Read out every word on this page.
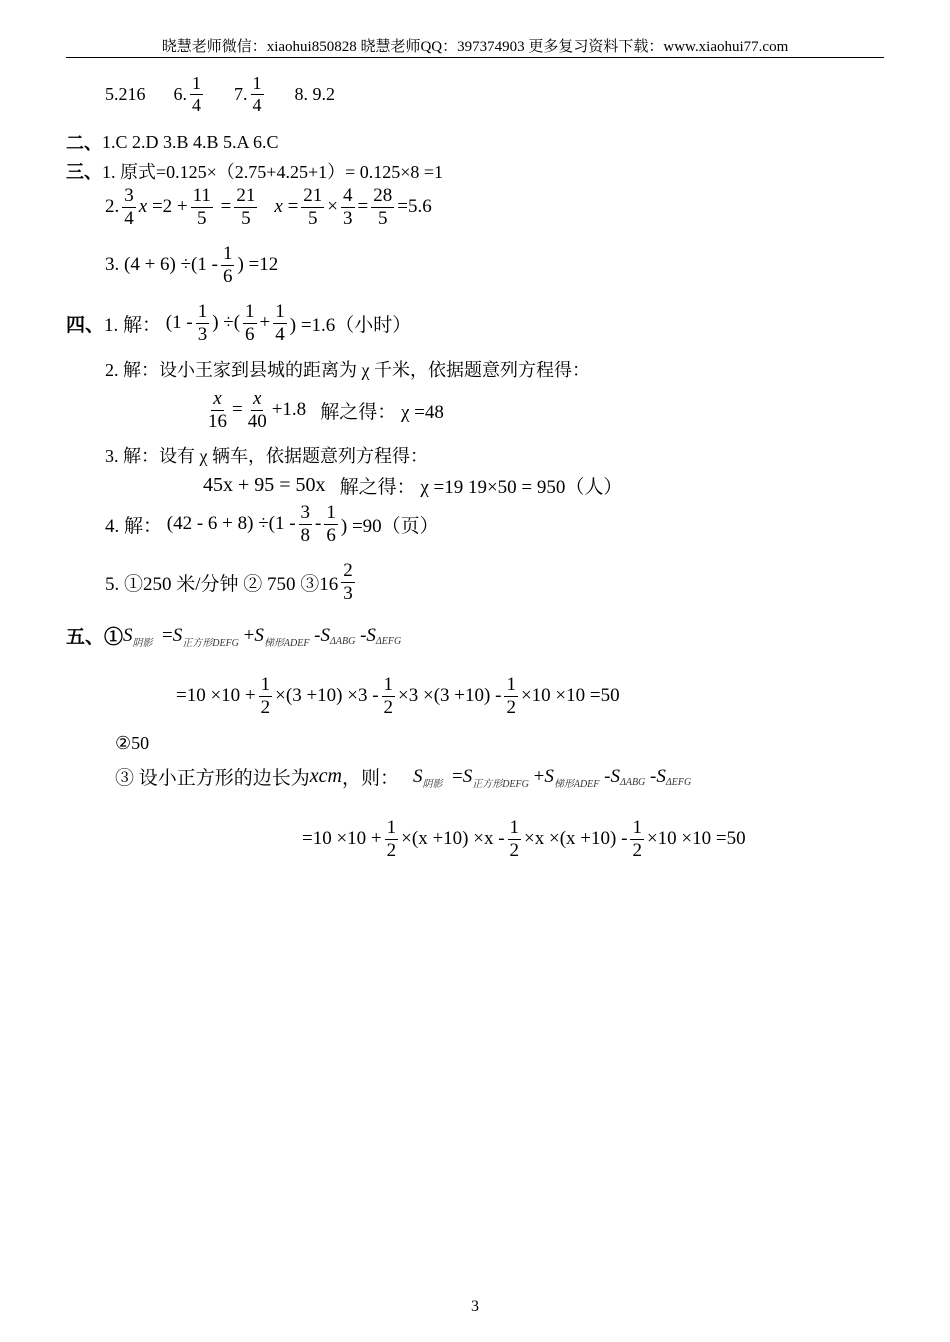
晓慧老师微信：xiaohui850828 晓慧老师QQ：397374903 更多复习资料下载：www.xiaohui77.com
5.216 6. $\frac{1}{4} 7$. $\frac{1}{4} 8$. 9.2
二、 1.C 2.D 3.B 4.B 5.A 6.C
三、 1. 原式=0.125×（2.75+4.25+1）= 0.125×8 =1
2. $\frac{3}{4}$ $x =2 + \frac{11}{5} = \frac{21}{5}$ $x = \frac{21}{5} \times \frac{4}{3} = \frac{28}{5} =5.6$
3.
$(4 + 6) \div(1 - \frac{1}{6}$ ) =12
四、 1. 解： ($1 - \frac{1}{3}$ ) ÷( $\frac{1}{6} + \frac{1}{4}$ ) =1.6（小时）
2. 解：设小王家到县城的距离为 χ 千米，依据题意列方程得：
$\frac{x}{16} = \frac{x}{40} +1.8$ 解之得： χ =48
3. 解：设有 χ 辆车，依据题意列方程得：
45x + 95 = 50x 解之得： χ =19 19×50 = 950（人）
4. 解：
$(42 - 6 + 8) \div(1 - \frac{3}{8} - \frac{1}{6}$ ) =90（页）
5. ①250 米/分钟 ② 750 ③16 $\frac{2}{3}$
五、① S 阴影 = S 正方形DEFG + S 梯形ADEF - S ΔABG - S ΔEFG
$=10 \times 10 + \frac{1}{2} \times(3 +10) \times 3 - \frac{1}{2} \times 3 \times(3 +10) - \frac{1}{2} \times 10 \times 10 =50$
②50
③ 设小正方形的边长为 xcm ，则： S 阴影 = S 正方形DEFG + S 梯形ADEF - S ΔABG - S ΔEFG
$=10 \times 10 + \frac{1}{2} \times(x +10) \times x - \frac{1}{2} \times x \times(x +10) - \frac{1}{2} \times 10 \times 10 =50$
3
